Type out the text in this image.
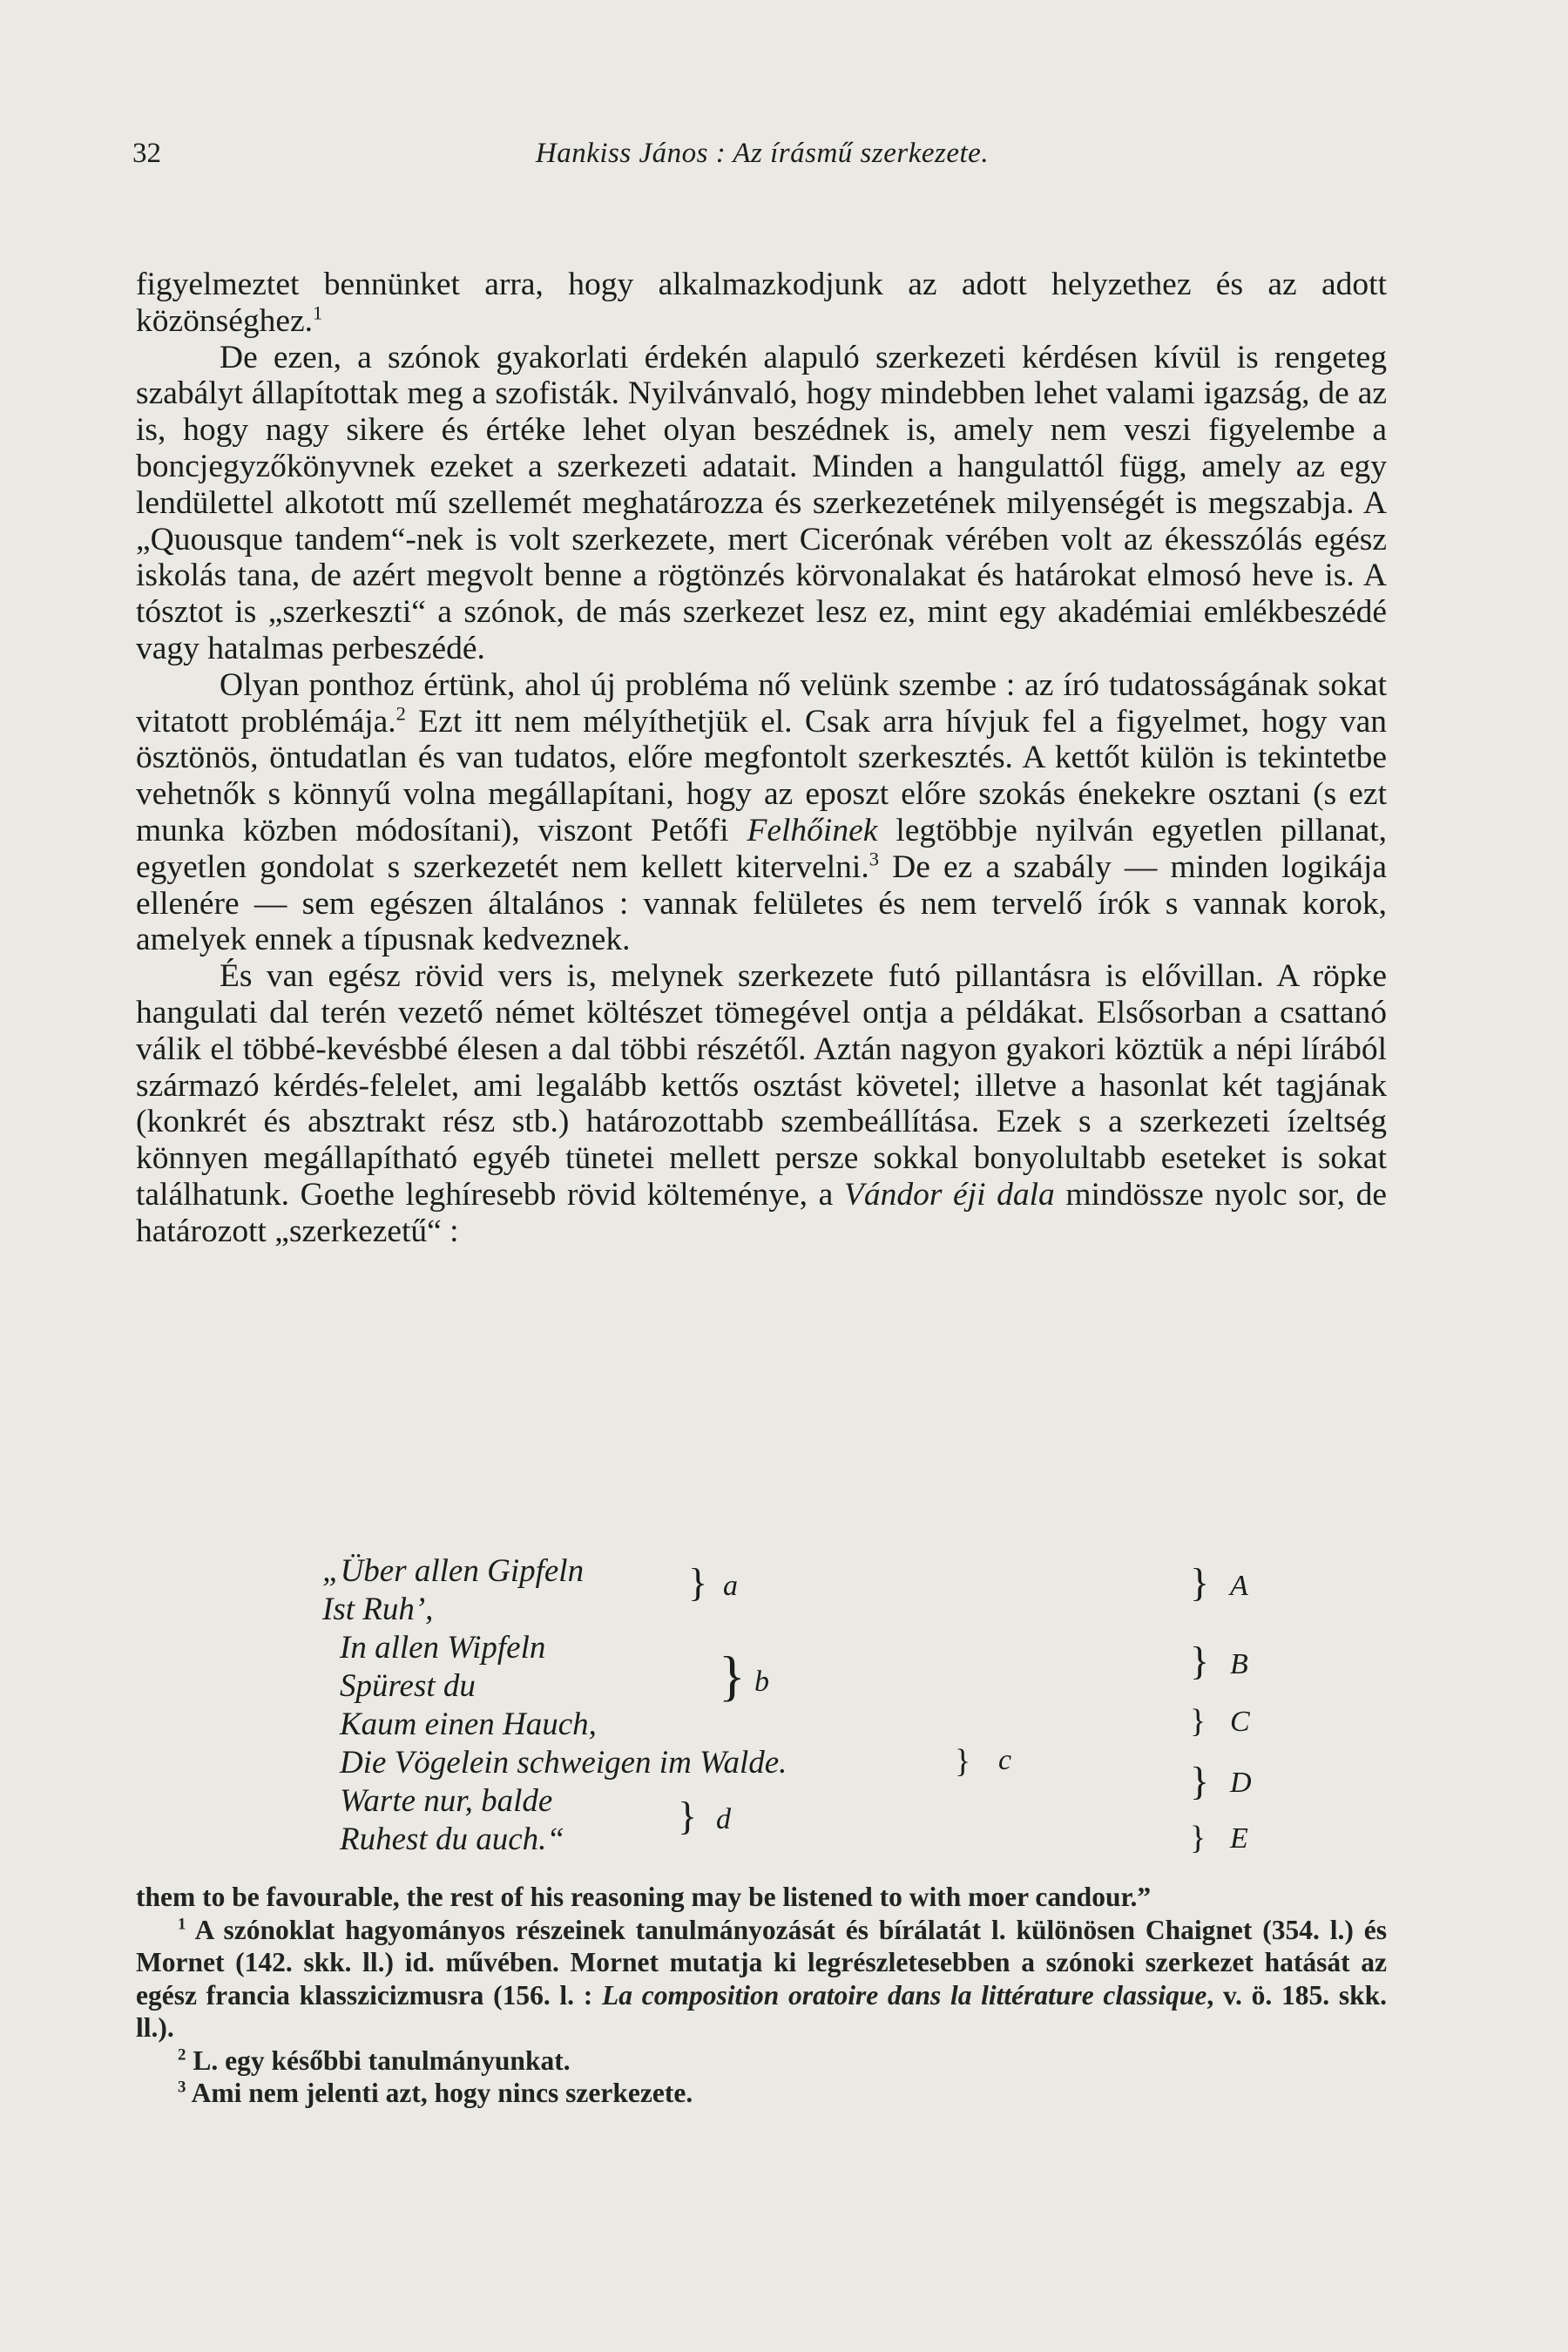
32	Hankiss János : Az írásmű szerkezete.

figyelmeztet bennünket arra, hogy alkalmazkodjunk az adott helyzethez és az adott közönséghez.$^1$

De ezen, a szónok gyakorlati érdekén alapuló szerkezeti kérdésen kívül is rengeteg szabályt állapítottak meg a szofisták. Nyilvánvaló, hogy mindebben lehet valami igazság, de az is, hogy nagy sikere és értéke lehet olyan beszédnek is, amely nem veszi figyelembe a boncjegyzőkönyvnek ezeket a szerkezeti adatait. Minden a hangulattól függ, amely az egy lendülettel alkotott mű szellemét meghatározza és szerkezetének milyenségét is megszabja. A „Quousque tandem“-nek is volt szerkezete, mert Cicerónak vérében volt az ékesszólás egész iskolás tana, de azért megvolt benne a rögtönzés körvonalakat és határokat elmosó heve is. A tósztot is „szerkeszti“ a szónok, de más szerkezet lesz ez, mint egy akadémiai emlékbeszédé vagy hatalmas perbeszédé.

Olyan ponthoz értünk, ahol új probléma nő velünk szembe : az író tudatosságának sokat vitatott problémája.$^2$ Ezt itt nem mélyíthetjük el. Csak arra hívjuk fel a figyelmet, hogy van ösztönös, öntudatlan és van tudatos, előre megfontolt szerkesztés. A kettőt külön is tekintetbe vehetnők s könnyű volna megállapítani, hogy az eposzt előre szokás énekekre osztani (s ezt munka közben módosítani), viszont Petőfi Felhőinek legtöbbje nyilván egyetlen pillanat, egyetlen gondolat s szerkezetét nem kellett kitervelni.$^3$ De ez a szabály — minden logikája ellenére — sem egészen általános : vannak felületes és nem tervelő írók s vannak korok, amelyek ennek a típusnak kedveznek.

És van egész rövid vers is, melynek szerkezete futó pillantásra is elővillan. A röpke hangulati dal terén vezető német költészet tömegével ontja a példákat. Elsősorban a csattanó válik el többé-kevésbbé élesen a dal többi részétől. Aztán nagyon gyakori köztük a népi lírából származó kérdés-felelet, ami legalább kettős osztást követel; illetve a hasonlat két tagjának (konkrét és absztrakt rész stb.) határozottabb szembeállítása. Ezek s a szerkezeti ízeltség könnyen megállapítható egyéb tünetei mellett persze sokkal bonyolultabb eseteket is sokat találhatunk. Goethe leghíresebb rövid költeménye, a Vándor éji dala mindössze nyolc sor, de határozott „szerkezetű“ :

„Über allen Gipfeln
Ist Ruh’,
In allen Wipfeln
Spürest du
Kaum einen Hauch,
Die Vögelein schweigen im Walde.
Warte nur, balde
Ruhest du auch.“
} a
} b
} c
} d
} A
} B
} C
} D
} E

them to be favourable, the rest of his reasoning may be listened to with moer candour.”

$^1$ A szónoklat hagyományos részeinek tanulmányozását és bírálatát l. különösen Chaignet (354. l.) és Mornet (142. skk. ll.) id. művében. Mornet mutatja ki legrészletesebben a szónoki szerkezet hatását az egész francia klasszicizmusra (156. l. : La composition oratoire dans la littérature classique, v. ö. 185. skk. ll.).

$^2$ L. egy későbbi tanulmányunkat.

$^3$ Ami nem jelenti azt, hogy nincs szerkezete.
